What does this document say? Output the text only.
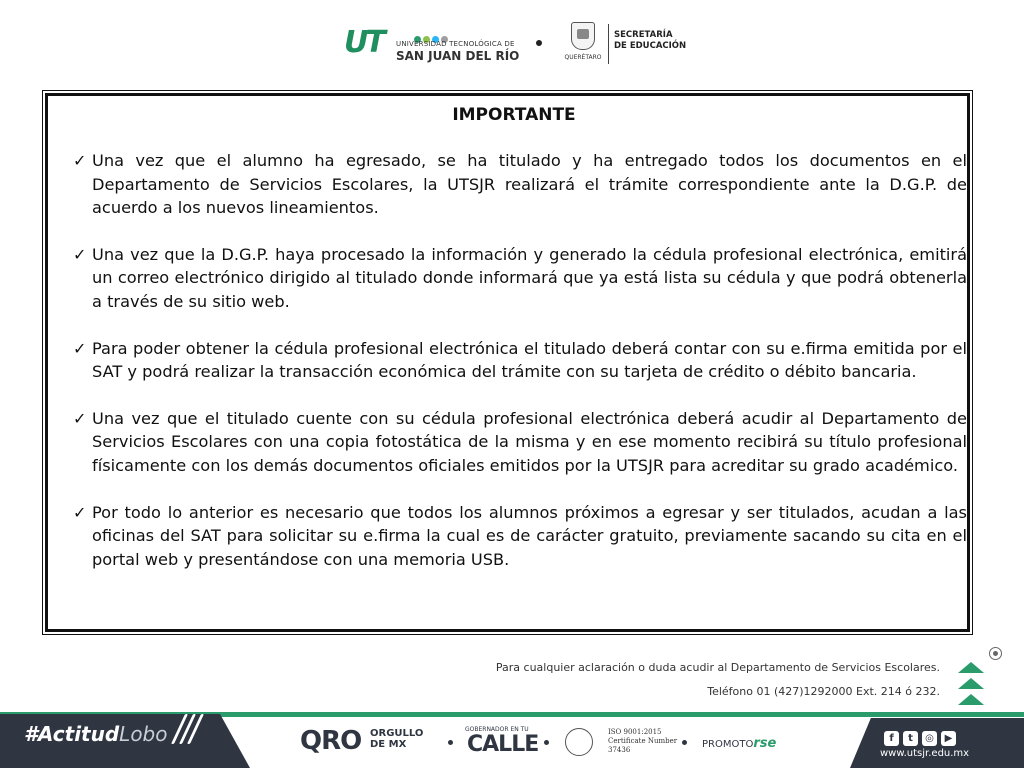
UT UNIVERSIDAD TECNOLÓGICA DE
SAN JUAN DEL RÍO	QUERÉTARO
SECRETARÍA
DE EDUCACIÓN
IMPORTANTE
✓ Una vez que el alumno ha egresado, se ha titulado y ha entregado todos los documentos en el Departamento de Servicios Escolares, la UTSJR realizará el trámite correspondiente ante la D.G.P. de acuerdo a los nuevos lineamientos.
✓ Una vez que la D.G.P. haya procesado la información y generado la cédula profesional electrónica, emitirá un correo electrónico dirigido al titulado donde informará que ya está lista su cédula y que podrá obtenerla a través de su sitio web.
✓ Para poder obtener la cédula profesional electrónica el titulado deberá contar con su e.firma emitida por el SAT y podrá realizar la transacción económica del trámite con su tarjeta de crédito o débito bancaria.
✓ Una vez que el titulado cuente con su cédula profesional electrónica deberá acudir al Departamento de Servicios Escolares con una copia fotostática de la misma y en ese momento recibirá su título profesional físicamente con los demás documentos oficiales emitidos por la UTSJR para acreditar su grado académico.
✓ Por todo lo anterior es necesario que todos los alumnos próximos a egresar y ser titulados, acudan a las oficinas del SAT para solicitar su e.firma la cual es de carácter gratuito, previamente sacando su cita en el portal web y presentándose con una memoria USB.
Para cualquier aclaración o duda acudir al Departamento de Servicios Escolares.
Teléfono 01 (427)1292000 Ext. 214 ó 232.
#ActitudLobo	QRO ORGULLO
DE MX
GOBERNADOR EN TU
CALLE	ISO 9001:2015
Certificate Number
37436	PROMOTOrse	f t ◎ ▶
www.utsjr.edu.mx
